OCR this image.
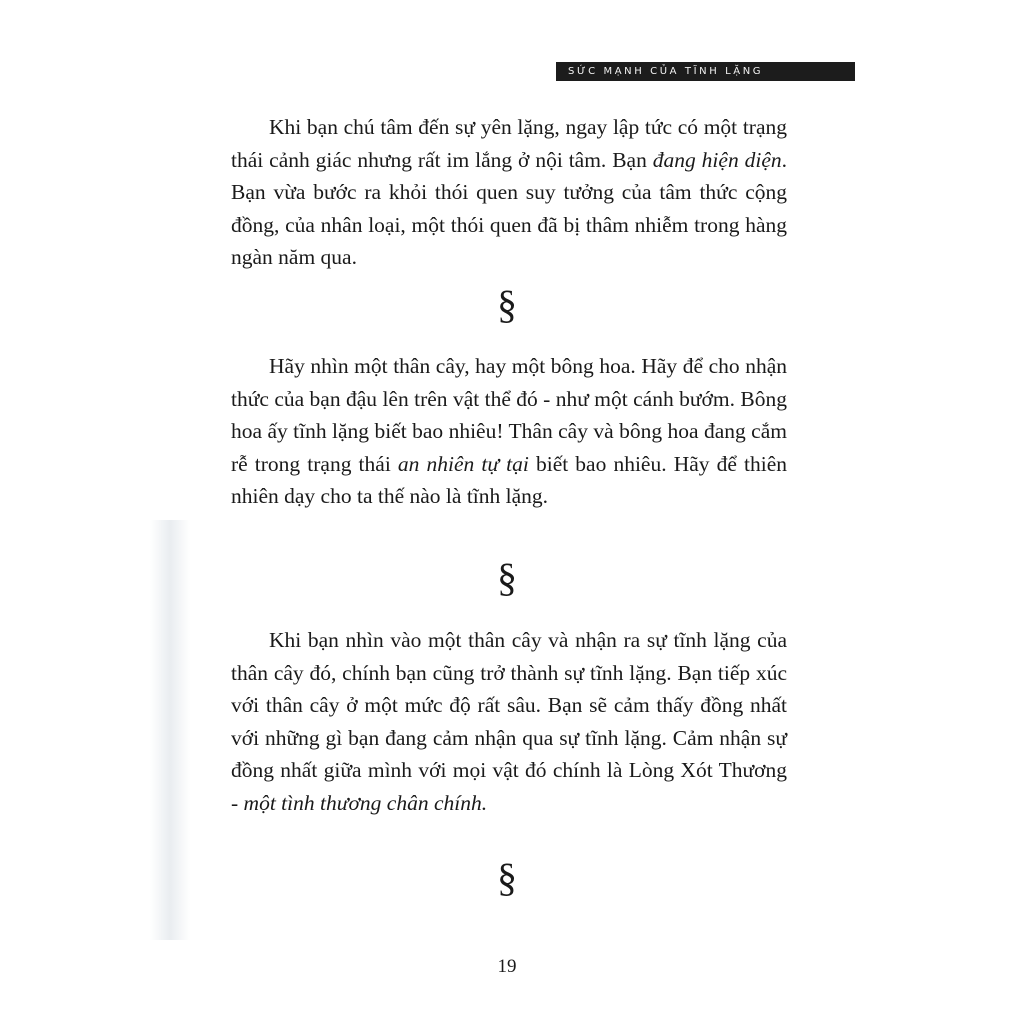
SỨC MẠNH CỦA TĨNH LẶNG
Khi bạn chú tâm đến sự yên lặng, ngay lập tức có một trạng thái cảnh giác nhưng rất im lắng ở nội tâm. Bạn đang hiện diện. Bạn vừa bước ra khỏi thói quen suy tưởng của tâm thức cộng đồng, của nhân loại, một thói quen đã bị thâm nhiễm trong hàng ngàn năm qua.
§
Hãy nhìn một thân cây, hay một bông hoa. Hãy để cho nhận thức của bạn đậu lên trên vật thể đó - như một cánh bướm. Bông hoa ấy tĩnh lặng biết bao nhiêu! Thân cây và bông hoa đang cắm rễ trong trạng thái an nhiên tự tại biết bao nhiêu. Hãy để thiên nhiên dạy cho ta thế nào là tĩnh lặng.
§
Khi bạn nhìn vào một thân cây và nhận ra sự tĩnh lặng của thân cây đó, chính bạn cũng trở thành sự tĩnh lặng. Bạn tiếp xúc với thân cây ở một mức độ rất sâu. Bạn sẽ cảm thấy đồng nhất với những gì bạn đang cảm nhận qua sự tĩnh lặng. Cảm nhận sự đồng nhất giữa mình với mọi vật đó chính là Lòng Xót Thương - một tình thương chân chính.
§
19
